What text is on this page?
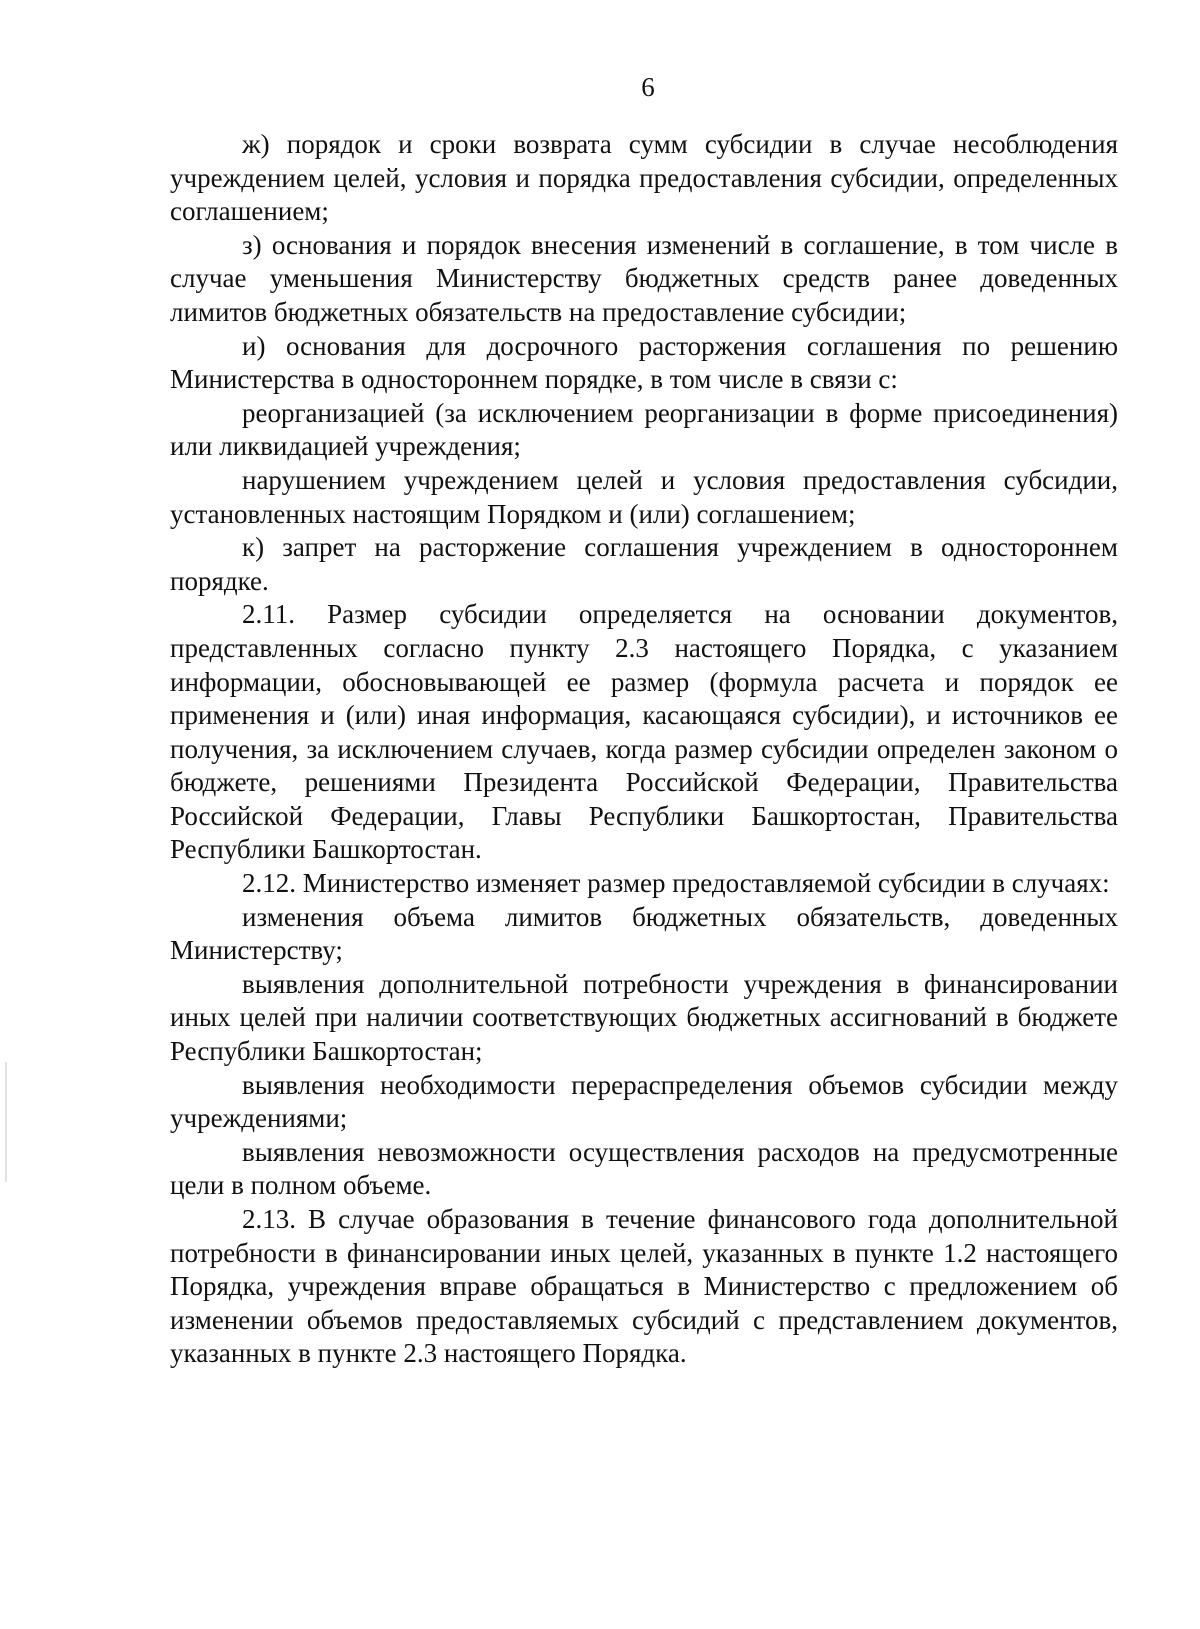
6

ж) порядок и сроки возврата сумм субсидии в случае несоблюдения учреждением целей, условия и порядка предоставления субсидии, определенных соглашением;

з) основания и порядок внесения изменений в соглашение, в том числе в случае уменьшения Министерству бюджетных средств ранее доведенных лимитов бюджетных обязательств на предоставление субсидии;

и) основания для досрочного расторжения соглашения по решению Министерства в одностороннем порядке, в том числе в связи с:

реорганизацией (за исключением реорганизации в форме присоединения) или ликвидацией учреждения;

нарушением учреждением целей и условия предоставления субсидии, установленных настоящим Порядком и (или) соглашением;

к) запрет на расторжение соглашения учреждением в одностороннем порядке.

2.11. Размер субсидии определяется на основании документов, представленных согласно пункту 2.3 настоящего Порядка, с указанием информации, обосновывающей ее размер (формула расчета и порядок ее применения и (или) иная информация, касающаяся субсидии), и источников ее получения, за исключением случаев, когда размер субсидии определен законом о бюджете, решениями Президента Российской Федерации, Правительства Российской Федерации, Главы Республики Башкортостан, Правительства Республики Башкортостан.

2.12. Министерство изменяет размер предоставляемой субсидии в случаях:

изменения объема лимитов бюджетных обязательств, доведенных Министерству;

выявления дополнительной потребности учреждения в финансировании иных целей при наличии соответствующих бюджетных ассигнований в бюджете Республики Башкортостан;

выявления необходимости перераспределения объемов субсидии между учреждениями;

выявления невозможности осуществления расходов на предусмотренные цели в полном объеме.

2.13. В случае образования в течение финансового года дополнительной потребности в финансировании иных целей, указанных в пункте 1.2 настоящего Порядка, учреждения вправе обращаться в Министерство с предложением об изменении объемов предоставляемых субсидий с представлением документов, указанных в пункте 2.3 настоящего Порядка.
